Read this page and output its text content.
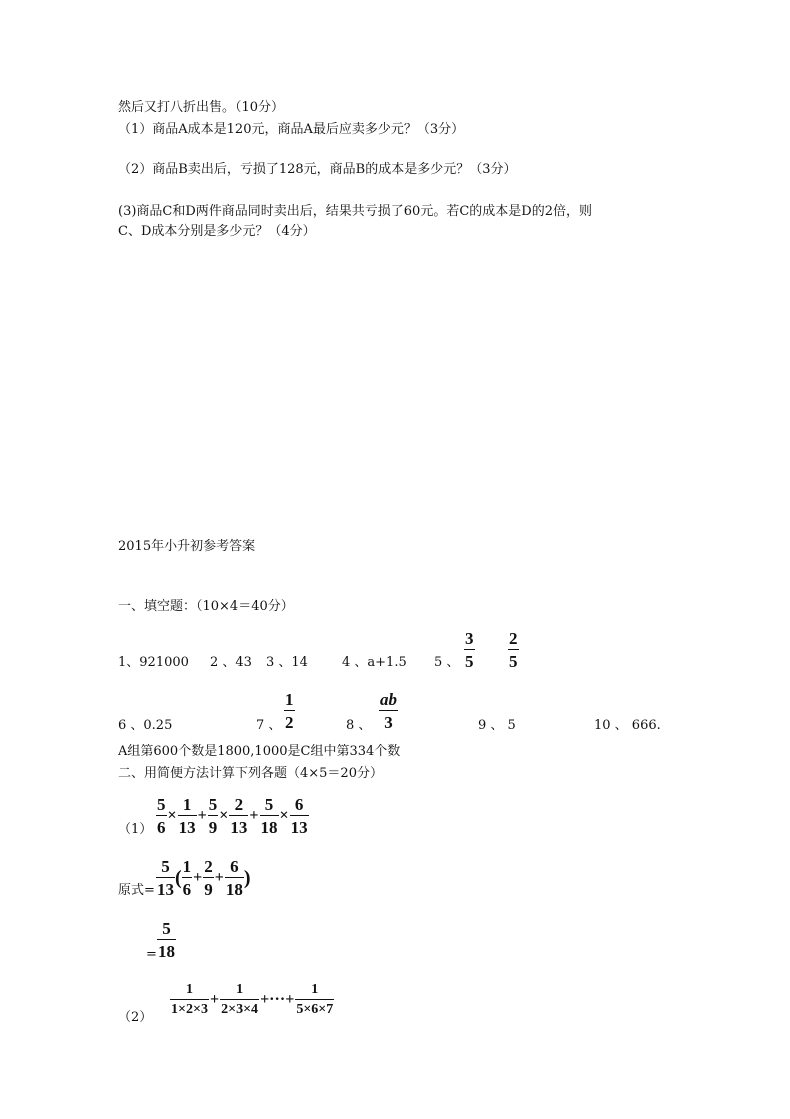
然后又打八折出售。（10分）
（1）商品A成本是120元，商品A最后应卖多少元？（3分）
（2）商品B卖出后，亏损了128元，商品B的成本是多少元？（3分）
(3)商品C和D两件商品同时卖出后，结果共亏损了60元。若C的成本是D的2倍，则
C、D成本分别是多少元？（4分）
2015年小升初参考答案
一、填空题：（10×4＝40分）
1、921000 2 、43 3 、14	4 、a+1.5 5 、
3
5
2
5
6 、0.25	7 、
1
2	8 、
ab
3	9 、 5	10 、 666.
A组第600个数是1800,1000是C组中第334个数
二、用简便方法计算下列各题（4×5＝20分）
$(1) \frac{5}{6} \times \frac{1}{13} + \frac{5}{9} \times \frac{2}{13} + \frac{5}{18} \times \frac{6}{13}$
原式= $\frac{5}{13}$ ( $\frac{1}{6} + \frac{2}{9} + \frac{6}{18}$ )
=
5
18
（2）
$\frac{1}{1\times 2\times 3} + \frac{1}{2\times 3\times 4}$ +···+ $\frac{1}{5\times 6\times 7}$
